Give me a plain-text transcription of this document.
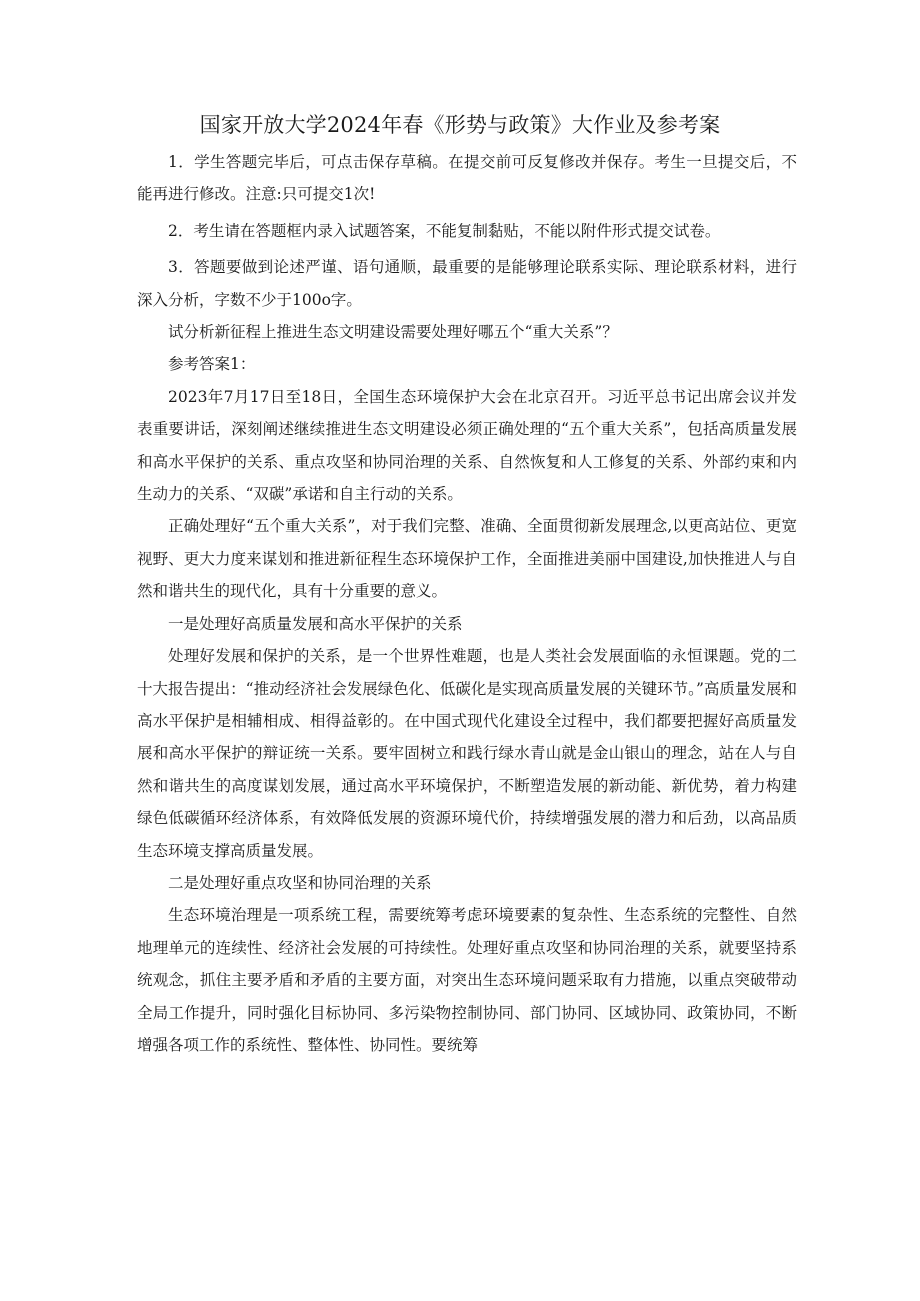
国家开放大学2024年春《形势与政策》大作业及参考案

1．学生答题完毕后，可点击保存草稿。在提交前可反复修改并保存。考生一旦提交后，不能再进行修改。注意:只可提交1次!

2．考生请在答题框内录入试题答案，不能复制黏贴，不能以附件形式提交试卷。

3．答题要做到论述严谨、语句通顺，最重要的是能够理论联系实际、理论联系材料，进行深入分析，字数不少于100o字。

试分析新征程上推进生态文明建设需要处理好哪五个“重大关系”？

参考答案1：

2023年7月17日至18日，全国生态环境保护大会在北京召开。习近平总书记出席会议并发表重要讲话，深刻阐述继续推进生态文明建设必须正确处理的“五个重大关系”，包括高质量发展和高水平保护的关系、重点攻坚和协同治理的关系、自然恢复和人工修复的关系、外部约束和内生动力的关系、“双碳”承诺和自主行动的关系。

正确处理好“五个重大关系”，对于我们完整、准确、全面贯彻新发展理念,以更高站位、更宽视野、更大力度来谋划和推进新征程生态环境保护工作，全面推进美丽中国建设,加快推进人与自然和谐共生的现代化，具有十分重要的意义。

一是处理好高质量发展和高水平保护的关系

处理好发展和保护的关系，是一个世界性难题，也是人类社会发展面临的永恒课题。党的二十大报告提出：“推动经济社会发展绿色化、低碳化是实现高质量发展的关键环节。”高质量发展和高水平保护是相辅相成、相得益彰的。在中国式现代化建设全过程中，我们都要把握好高质量发展和高水平保护的辩证统一关系。要牢固树立和践行绿水青山就是金山银山的理念，站在人与自然和谐共生的高度谋划发展，通过高水平环境保护，不断塑造发展的新动能、新优势，着力构建绿色低碳循环经济体系，有效降低发展的资源环境代价，持续增强发展的潜力和后劲，以高品质生态环境支撑高质量发展。

二是处理好重点攻坚和协同治理的关系

生态环境治理是一项系统工程，需要统筹考虑环境要素的复杂性、生态系统的完整性、自然地理单元的连续性、经济社会发展的可持续性。处理好重点攻坚和协同治理的关系，就要坚持系统观念，抓住主要矛盾和矛盾的主要方面，对突出生态环境问题采取有力措施，以重点突破带动全局工作提升，同时强化目标协同、多污染物控制协同、部门协同、区域协同、政策协同，不断增强各项工作的系统性、整体性、协同性。要统筹
